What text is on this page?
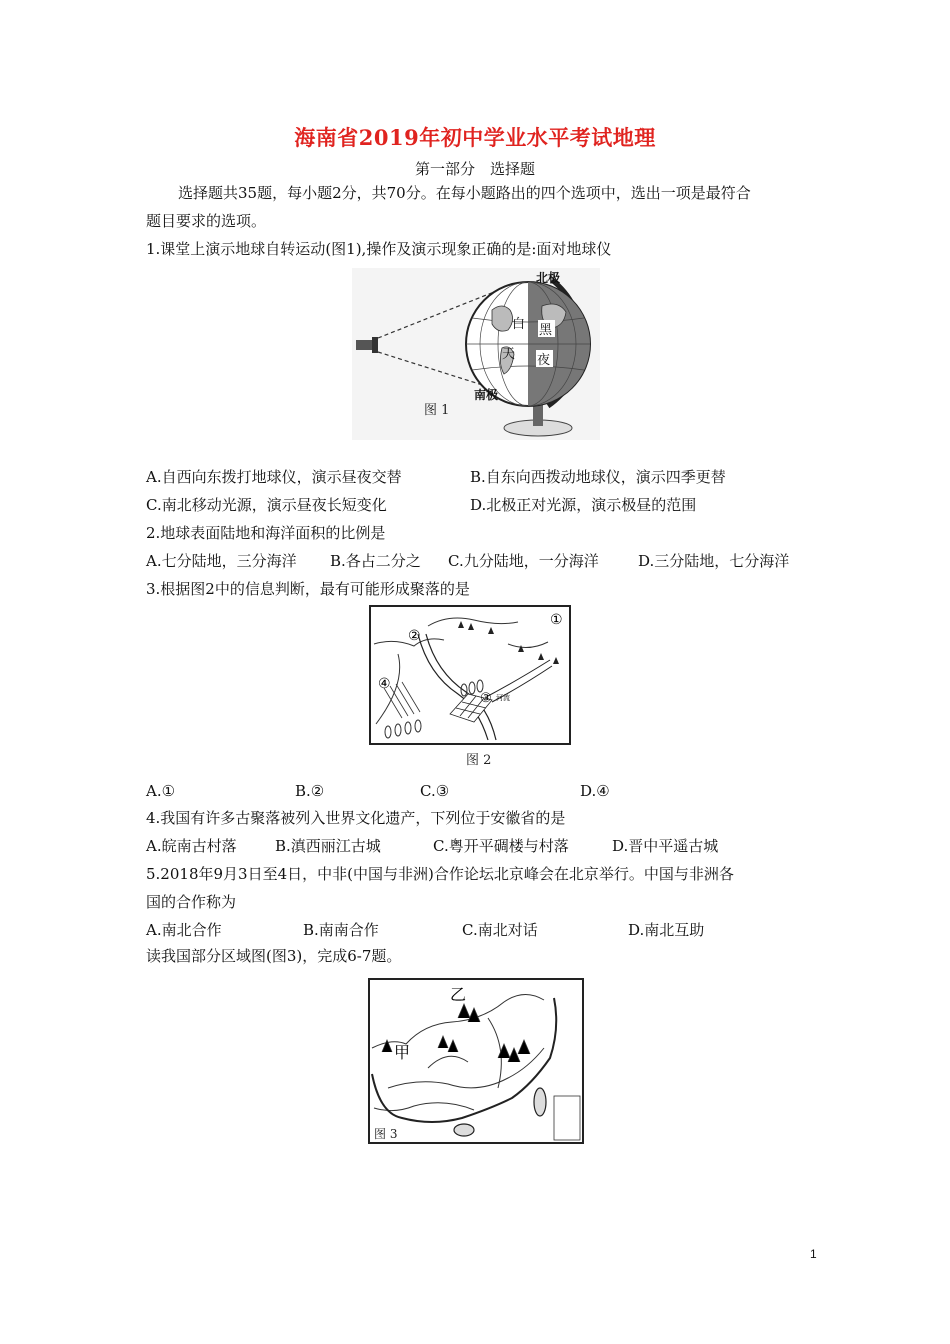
海南省2019年初中学业水平考试地理
第一部分　选择题
选择题共35题，每小题2分，共70分。在每小题路出的四个选项中，选出一项是最符合
题目要求的选项。
1.课堂上演示地球自转运动(图1),操作及演示现象正确的是:面对地球仪
北极
南极
白
天
黑
夜
图 1
A.自西向东拨打地球仪，演示昼夜交替	B.自东向西拨动地球仪，演示四季更替
C.南北移动光源，演示昼夜长短变化	D.北极正对光源，演示极昼的范围
2.地球表面陆地和海洋面积的比例是
A.七分陆地，三分海洋 B.各占二分之 C.九分陆地，一分海洋	D.三分陆地，七分海洋
3.根据图2中的信息判断，最有可能形成聚落的是
①
②
③
④
河流
图 2
A.①	B.②	C.③	D.④
4.我国有许多古聚落被列入世界文化遗产，下列位于安徽省的是
A.皖南古村落	B.滇西丽江古城	C.粤开平碉楼与村落	D.晋中平遥古城
5.2018年9月3日至4日，中非(中国与非洲)合作论坛北京峰会在北京举行。中国与非洲各
国的合作称为
A.南北合作	B.南南合作	C.南北对话	D.南北互助
读我国部分区域图(图3)，完成6-7题。
乙
甲
图 3
1
